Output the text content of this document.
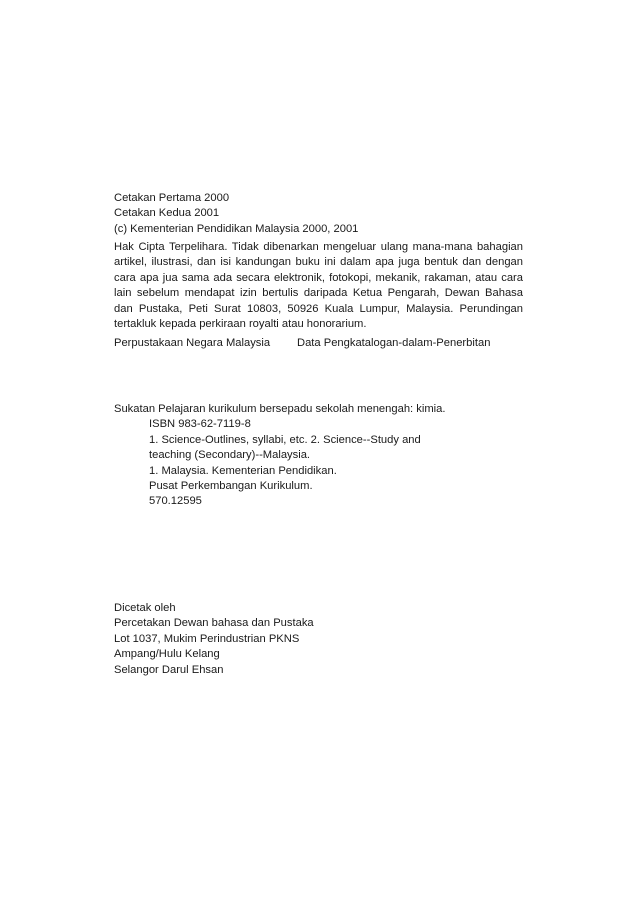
Cetakan Pertama 2000
Cetakan Kedua 2001
(c) Kementerian Pendidikan Malaysia 2000, 2001
Hak Cipta Terpelihara. Tidak dibenarkan mengeluar ulang mana-mana bahagian artikel, ilustrasi, dan isi kandungan buku ini dalam apa juga bentuk dan dengan cara apa jua sama ada secara elektronik, fotokopi, mekanik, rakaman, atau cara lain sebelum mendapat izin bertulis daripada Ketua Pengarah, Dewan Bahasa dan Pustaka, Peti Surat 10803, 50926 Kuala Lumpur, Malaysia. Perundingan tertakluk kepada perkiraan royalti atau honorarium.
Perpustakaan Negara Malaysia Data Pengkatalogan-dalam-Penerbitan
Sukatan Pelajaran kurikulum bersepadu sekolah menengah: kimia.
ISBN 983-62-7119-8
1. Science-Outlines, syllabi, etc. 2. Science--Study and
teaching (Secondary)--Malaysia.
1. Malaysia. Kementerian Pendidikan.
Pusat Perkembangan Kurikulum.
570.12595
Dicetak oleh
Percetakan Dewan bahasa dan Pustaka
Lot 1037, Mukim Perindustrian PKNS
Ampang/Hulu Kelang
Selangor Darul Ehsan
